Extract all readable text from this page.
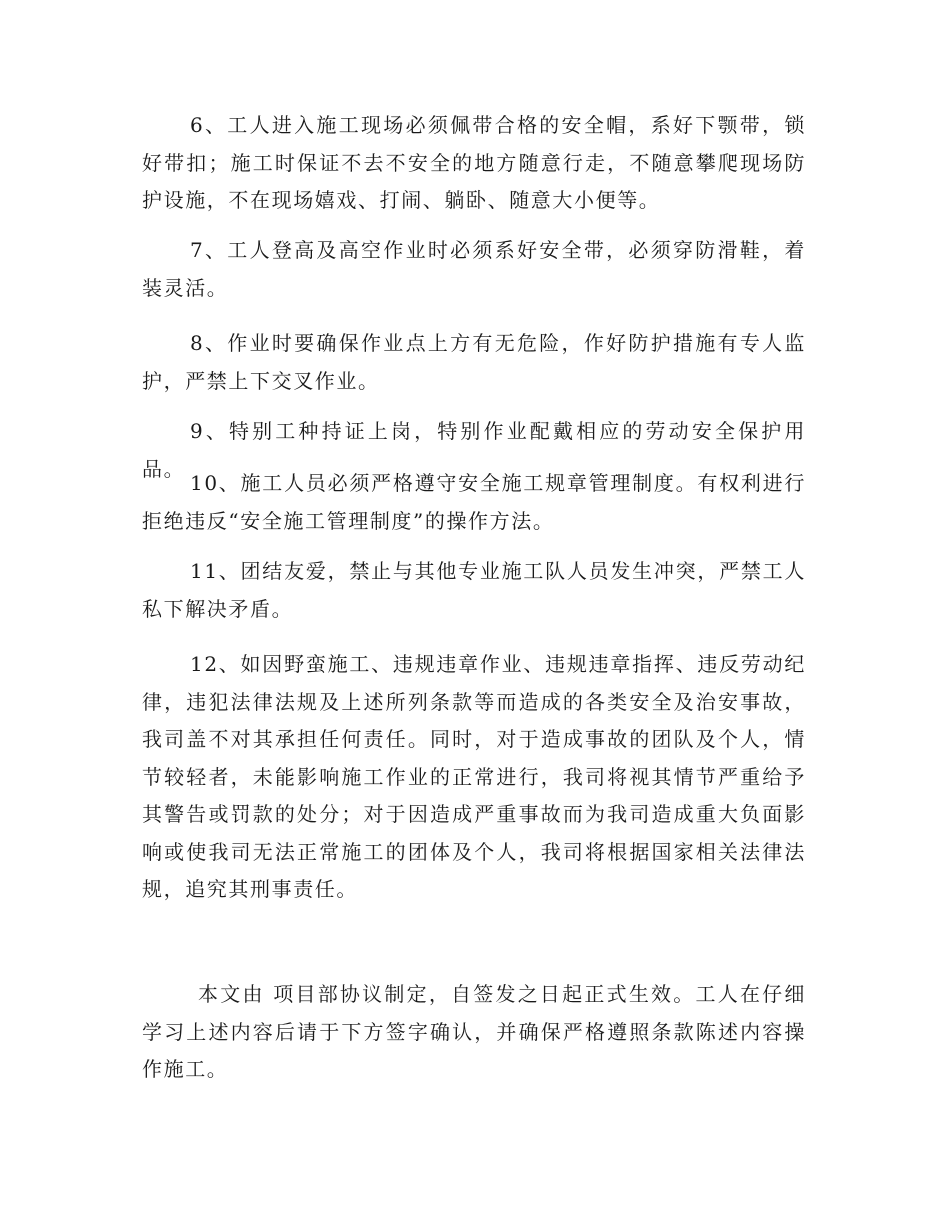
6、工人进入施工现场必须佩带合格的安全帽，系好下颚带，锁好带扣；施工时保证不去不安全的地方随意行走，不随意攀爬现场防护设施，不在现场嬉戏、打闹、躺卧、随意大小便等。

7、工人登高及高空作业时必须系好安全带，必须穿防滑鞋，着装灵活。

8、作业时要确保作业点上方有无危险，作好防护措施有专人监护，严禁上下交叉作业。

9、特别工种持证上岗，特别作业配戴相应的劳动安全保护用品。

10、施工人员必须严格遵守安全施工规章管理制度。有权利进行拒绝违反“安全施工管理制度”的操作方法。

11、团结友爱，禁止与其他专业施工队人员发生冲突，严禁工人私下解决矛盾。

12、如因野蛮施工、违规违章作业、违规违章指挥、违反劳动纪律，违犯法律法规及上述所列条款等而造成的各类安全及治安事故，我司盖不对其承担任何责任。同时，对于造成事故的团队及个人，情节较轻者，未能影响施工作业的正常进行，我司将视其情节严重给予其警告或罚款的处分；对于因造成严重事故而为我司造成重大负面影响或使我司无法正常施工的团体及个人，我司将根据国家相关法律法规，追究其刑事责任。

本文由 项目部协议制定，自签发之日起正式生效。工人在仔细学习上述内容后请于下方签字确认，并确保严格遵照条款陈述内容操作施工。
